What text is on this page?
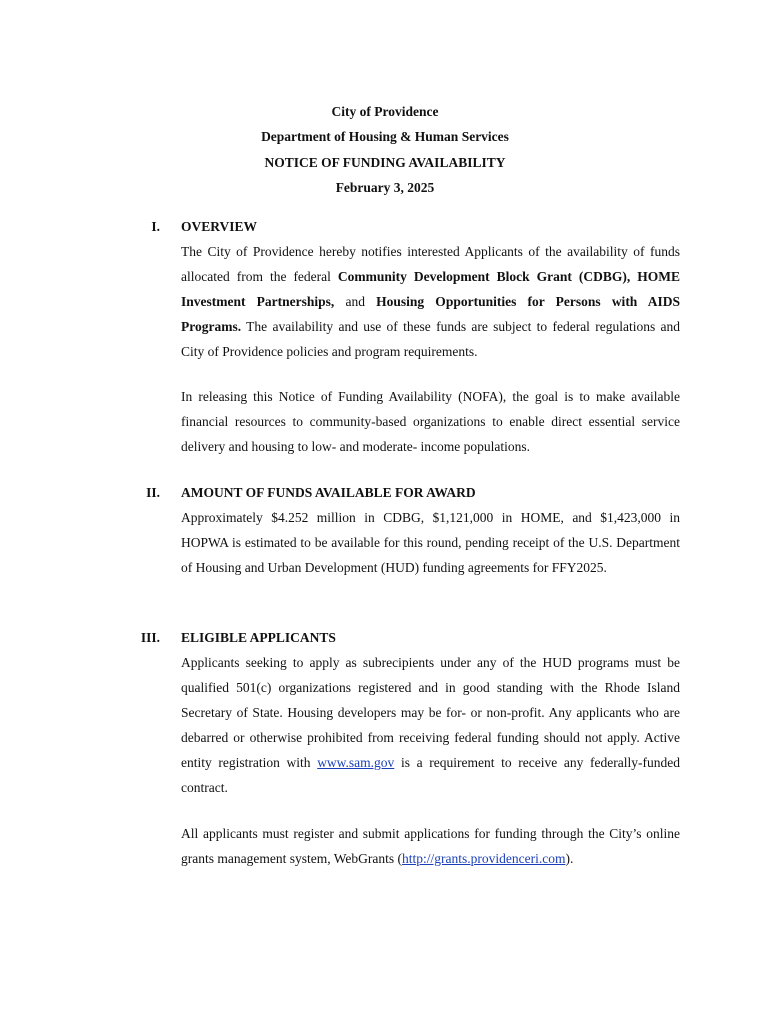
City of Providence
Department of Housing & Human Services
NOTICE OF FUNDING AVAILABILITY
February 3, 2025
I. OVERVIEW
The City of Providence hereby notifies interested Applicants of the availability of funds allocated from the federal Community Development Block Grant (CDBG), HOME Investment Partnerships, and Housing Opportunities for Persons with AIDS Programs. The availability and use of these funds are subject to federal regulations and City of Providence policies and program requirements.
In releasing this Notice of Funding Availability (NOFA), the goal is to make available financial resources to community-based organizations to enable direct essential service delivery and housing to low- and moderate- income populations.
II. AMOUNT OF FUNDS AVAILABLE FOR AWARD
Approximately $4.252 million in CDBG, $1,121,000 in HOME, and $1,423,000 in HOPWA is estimated to be available for this round, pending receipt of the U.S. Department of Housing and Urban Development (HUD) funding agreements for FFY2025.
III. ELIGIBLE APPLICANTS
Applicants seeking to apply as subrecipients under any of the HUD programs must be qualified 501(c) organizations registered and in good standing with the Rhode Island Secretary of State. Housing developers may be for- or non-profit. Any applicants who are debarred or otherwise prohibited from receiving federal funding should not apply. Active entity registration with www.sam.gov is a requirement to receive any federally-funded contract.
All applicants must register and submit applications for funding through the City’s online grants management system, WebGrants (http://grants.providenceri.com).
